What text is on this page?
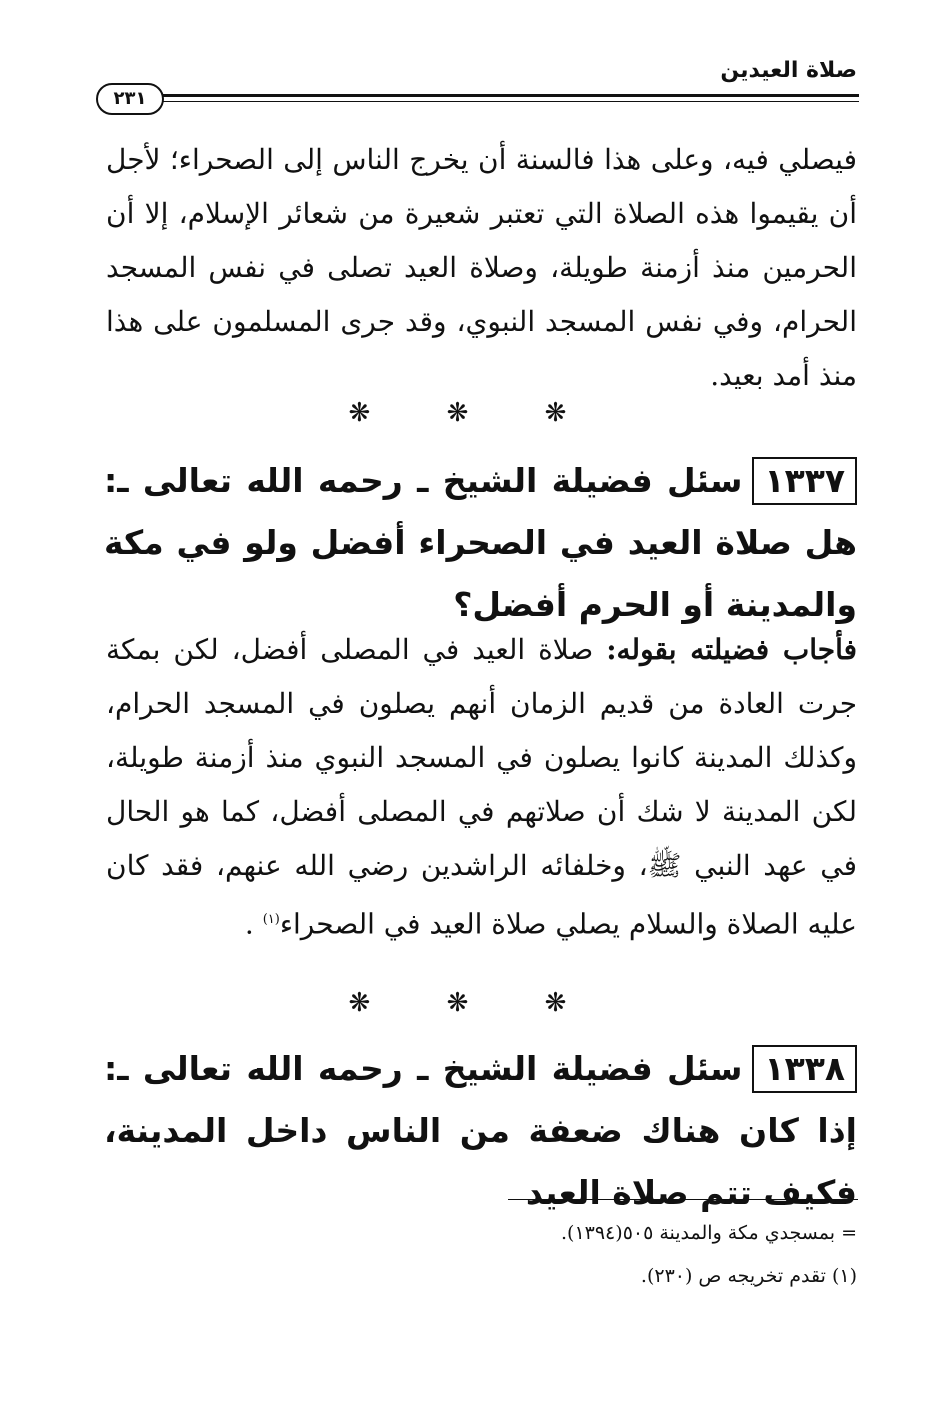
صلاة العيدين
٢٣١

فيصلي فيه، وعلى هذا فالسنة أن يخرج الناس إلى الصحراء؛ لأجل أن يقيموا هذه الصلاة التي تعتبر شعيرة من شعائر الإسلام، إلا أن الحرمين منذ أزمنة طويلة، وصلاة العيد تصلى في نفس المسجد الحرام، وفي نفس المسجد النبوي، وقد جرى المسلمون على هذا منذ أمد بعيد.

❋ ❋ ❋

١٣٣٧سئل فضيلة الشيخ ـ رحمه الله تعالى ـ: هل صلاة العيد في الصحراء أفضل ولو في مكة والمدينة أو الحرم أفضل؟

فأجاب فضيلته بقوله: صلاة العيد في المصلى أفضل، لكن بمكة جرت العادة من قديم الزمان أنهم يصلون في المسجد الحرام، وكذلك المدينة كانوا يصلون في المسجد النبوي منذ أزمنة طويلة، لكن المدينة لا شك أن صلاتهم في المصلى أفضل، كما هو الحال في عهد النبي ﷺ، وخلفائه الراشدين رضي الله عنهم، فقد كان عليه الصلاة والسلام يصلي صلاة العيد في الصحراء$^{(١)}$ .

❋ ❋ ❋

١٣٣٨سئل فضيلة الشيخ ـ رحمه الله تعالى ـ: إذا كان هناك ضعفة من الناس داخل المدينة، فكيف تتم صلاة العيد

= بمسجدي مكة والمدينة ٥٠٥(١٣٩٤).
(١) تقدم تخريجه ص (٢٣٠).
